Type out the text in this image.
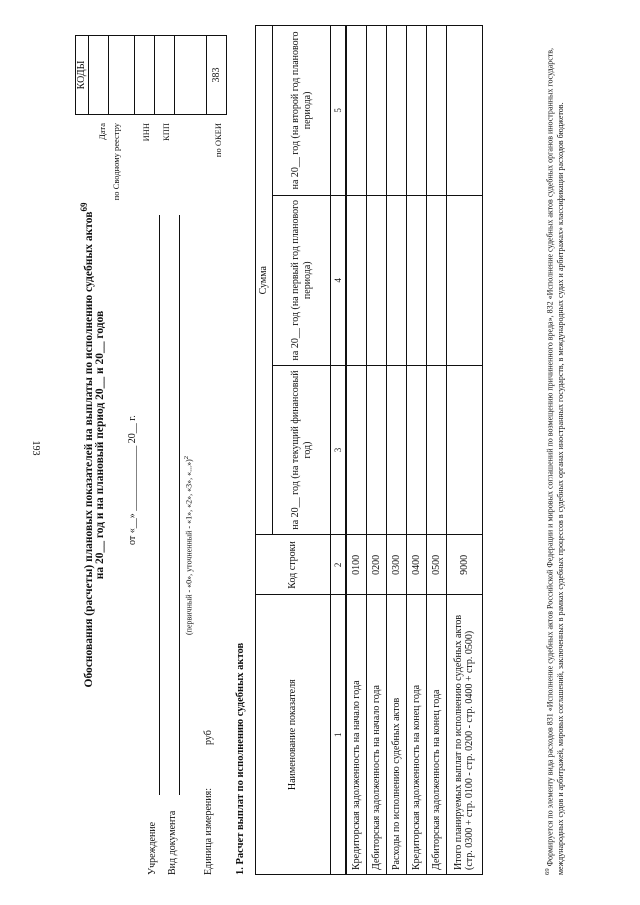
193	Обоснования (расчеты) плановых показателей на выплаты по исполнению судебных актов$^{69}$
на 20__ год и на плановый период 20__ и 20__ годов от «__» _____________ 20__ г.
Учреждение Вид документа
(первичный - «0», уточненный - «1», «2», «3», «...»)$^2$
Единица измерения:
руб
КОДЫ
Дата по Сводному реестру ИНН КПП	по ОКЕИ
383
1. Расчет выплат по исполнению судебных актов	Наименование показателя	Код строки	Сумма		
		на 20__ год (на текущий финансовый год)	на 20__ год (на первый год планового периода)	на 20__ год (на второй год планового периода)
1	2	3	4	5
Кредиторская задолженность на начало года	0100			
Дебиторская задолженность на начало года	0200			
Расходы по исполнению судебных актов	0300			
Кредиторская задолженность на конец года	0400			
Дебиторская задолженность на конец года	0500			
Итого планируемых выплат по исполнению судебных актов (стр. 0300 + стр. 0100 - стр. 0200 - стр. 0400 + стр. 0500)	9000			
$^{69}$ Формируется по элементу вида расходов 831 «Исполнение судебных актов Российской Федерации и мировых соглашений по возмещению причиненного вреда», 832 «Исполнение судебных актов судебных органов иностранных государств, международных судов и арбитражей, мировых соглашений, заключенных в рамках судебных процессов в судебных органах иностранных государств, в международных судах и арбитражах» классификации расходов бюджетов.
